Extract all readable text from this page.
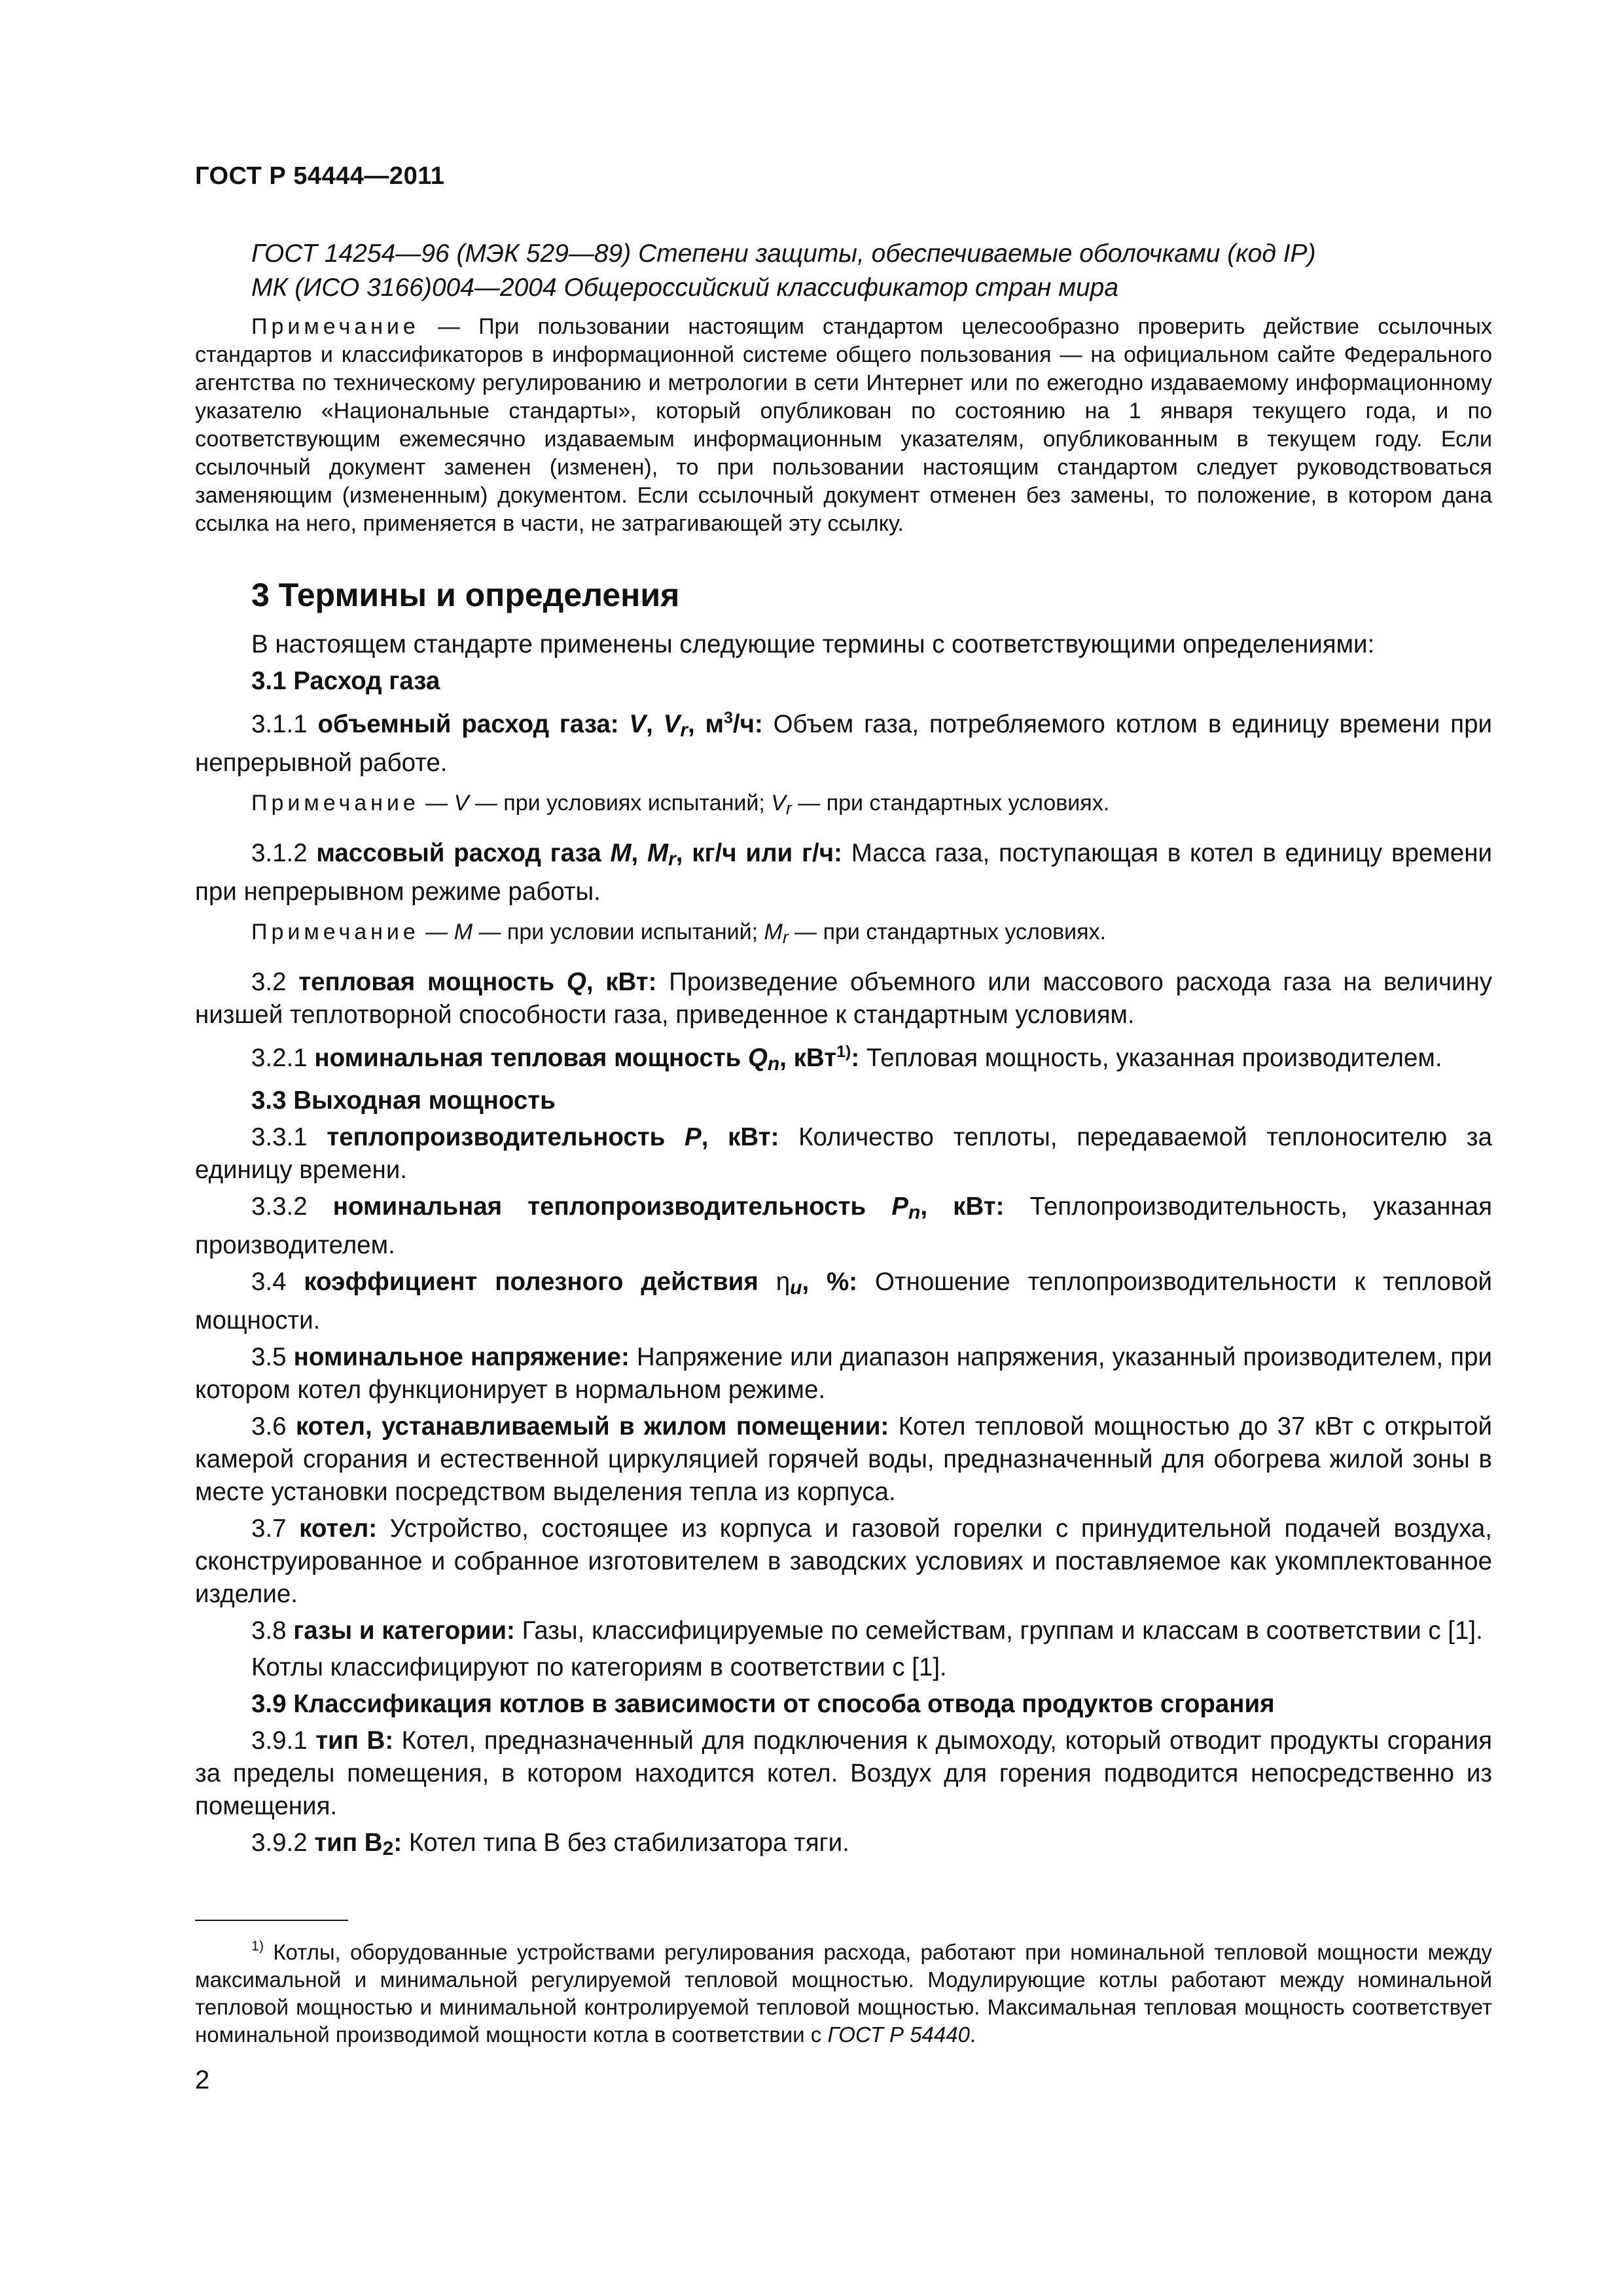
ГОСТ Р 54444—2011

ГОСТ 14254—96 (МЭК 529—89) Степени защиты, обеспечиваемые оболочками (код IP)

МК (ИСО 3166)004—2004 Общероссийский классификатор стран мира

Примечание — При пользовании настоящим стандартом целесообразно проверить действие ссылочных стандартов и классификаторов в информационной системе общего пользования — на официальном сайте Федерального агентства по техническому регулированию и метрологии в сети Интернет или по ежегодно издаваемому информационному указателю «Национальные стандарты», который опубликован по состоянию на 1 января текущего года, и по соответствующим ежемесячно издаваемым информационным указателям, опубликованным в текущем году. Если ссылочный документ заменен (изменен), то при пользовании настоящим стандартом следует руководствоваться заменяющим (измененным) документом. Если ссылочный документ отменен без замены, то положение, в котором дана ссылка на него, применяется в части, не затрагивающей эту ссылку.
3 Термины и определения

В настоящем стандарте применены следующие термины с соответствующими определениями:

3.1 Расход газа

3.1.1 объемный расход газа: V, Vr, $м^3/ч$: Объем газа, потребляемого котлом в единицу времени при непрерывной работе.

Примечание — V — при условиях испытаний; $V_r$ — при стандартных условиях.

3.1.2 массовый расход газа M, Mr, кг/ч или г/ч: Масса газа, поступающая в котел в единицу времени при непрерывном режиме работы.

Примечание — M — при условии испытаний; $M_r$ — при стандартных условиях.

3.2 тепловая мощность Q, кВт: Произведение объемного или массового расхода газа на величину низшей теплотворной способности газа, приведенное к стандартным условиям.

3.2.1 номинальная тепловая мощность Qn, кВт$^{1)}$: Тепловая мощность, указанная производителем.

3.3 Выходная мощность

3.3.1 теплопроизводительность P, кВт: Количество теплоты, передаваемой теплоносителю за единицу времени.

3.3.2 номинальная теплопроизводительность Pn, кВт: Теплопроизводительность, указанная производителем.

3.4 коэффициент полезного действия ηu, %: Отношение теплопроизводительности к тепловой мощности.

3.5 номинальное напряжение: Напряжение или диапазон напряжения, указанный производителем, при котором котел функционирует в нормальном режиме.

3.6 котел, устанавливаемый в жилом помещении: Котел тепловой мощностью до 37 кВт с открытой камерой сгорания и естественной циркуляцией горячей воды, предназначенный для обогрева жилой зоны в месте установки посредством выделения тепла из корпуса.

3.7 котел: Устройство, состоящее из корпуса и газовой горелки с принудительной подачей воздуха, сконструированное и собранное изготовителем в заводских условиях и поставляемое как укомплектованное изделие.

3.8 газы и категории: Газы, классифицируемые по семействам, группам и классам в соответствии с [1].

Котлы классифицируют по категориям в соответствии с [1].

3.9 Классификация котлов в зависимости от способа отвода продуктов сгорания

3.9.1 тип B: Котел, предназначенный для подключения к дымоходу, который отводит продукты сгорания за пределы помещения, в котором находится котел. Воздух для горения подводится непосредственно из помещения.

3.9.2 тип B2: Котел типа B без стабилизатора тяги.

$^{1)}$ Котлы, оборудованные устройствами регулирования расхода, работают при номинальной тепловой мощности между максимальной и минимальной регулируемой тепловой мощностью. Модулирующие котлы работают между номинальной тепловой мощностью и минимальной контролируемой тепловой мощностью. Максимальная тепловая мощность соответствует номинальной производимой мощности котла в соответствии с ГОСТ Р 54440.
2
